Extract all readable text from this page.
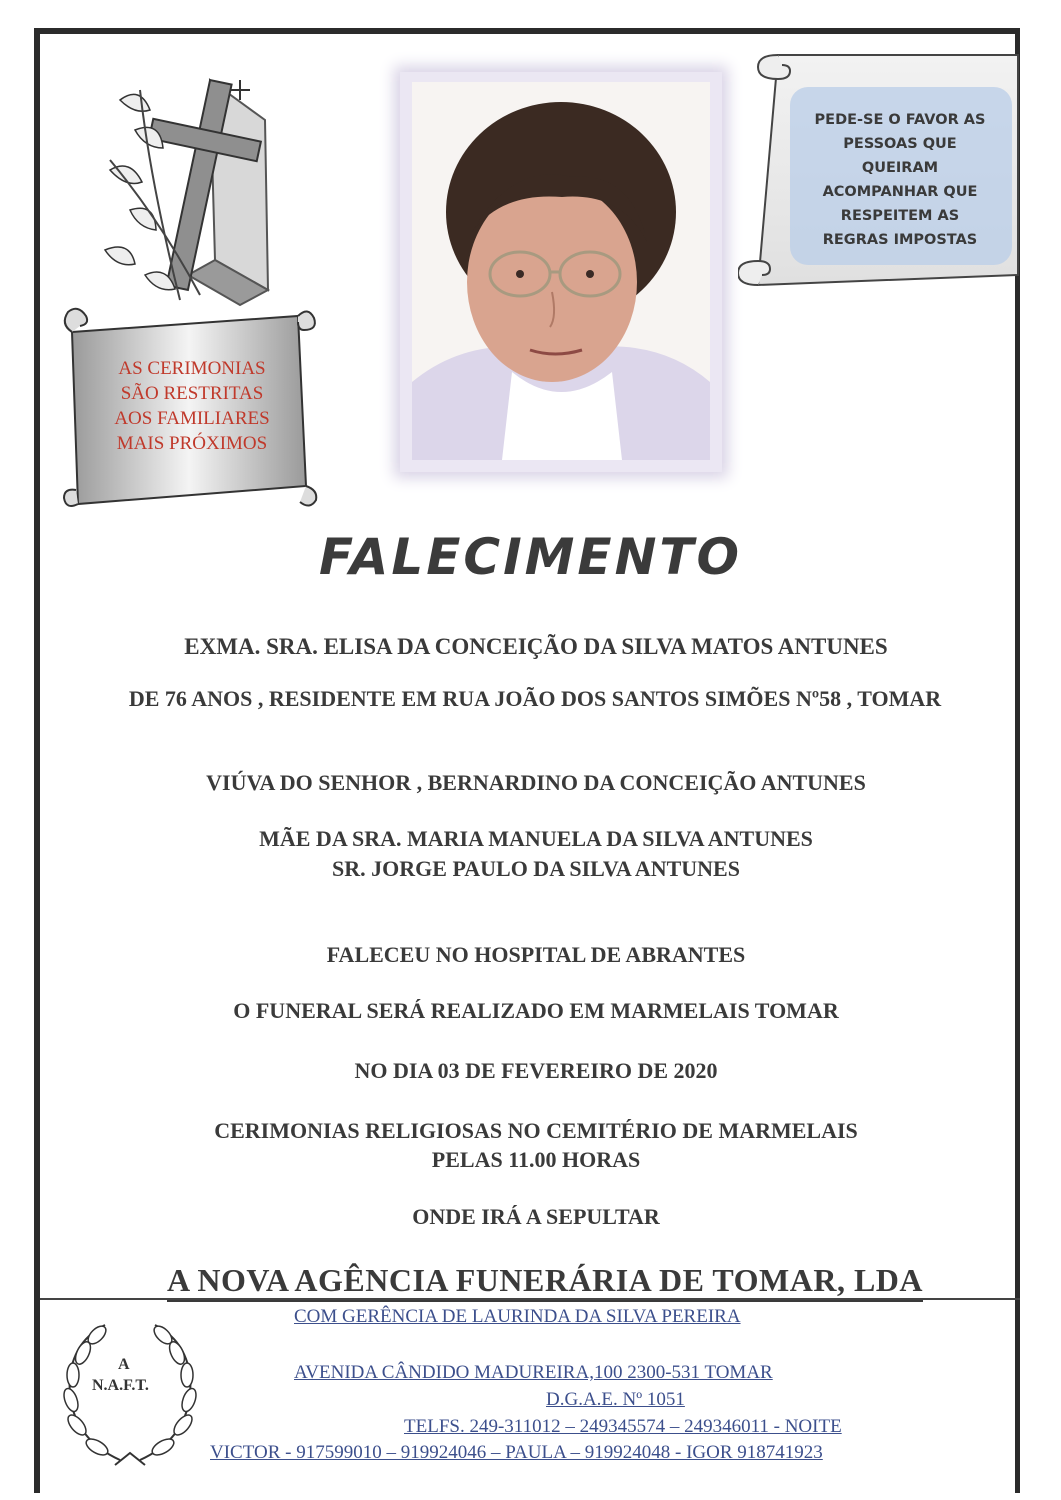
PEDE-SE O FAVOR AS
PESSOAS QUE
QUEIRAM
ACOMPANHAR QUE
RESPEITEM AS
REGRAS IMPOSTAS
AS CERIMONIAS
SÃO RESTRITAS
AOS FAMILIARES
MAIS PRÓXIMOS
FALECIMENTO
EXMA. SRA. ELISA DA CONCEIÇÃO DA SILVA MATOS ANTUNES
DE 76 ANOS , RESIDENTE EM RUA JOÃO DOS SANTOS SIMÕES Nº58 , TOMAR
VIÚVA DO SENHOR , BERNARDINO DA CONCEIÇÃO ANTUNES
MÃE DA SRA. MARIA MANUELA DA SILVA ANTUNES
SR. JORGE PAULO DA SILVA ANTUNES
FALECEU NO HOSPITAL DE ABRANTES
O FUNERAL SERÁ REALIZADO EM MARMELAIS TOMAR
NO DIA 03 DE FEVEREIRO DE 2020
CERIMONIAS RELIGIOSAS NO CEMITÉRIO DE MARMELAIS
PELAS 11.00 HORAS
ONDE IRÁ A SEPULTAR
A NOVA AGÊNCIA FUNERÁRIA DE TOMAR, LDA
A
N.A.F.T.
COM GERÊNCIA DE LAURINDA DA SILVA PEREIRA
AVENIDA CÂNDIDO MADUREIRA,100 2300-531 TOMAR
D.G.A.E. Nº 1051
TELFS. 249-311012 – 249345574 – 249346011 - NOITE
VICTOR - 917599010 – 919924046 – PAULA – 919924048 - IGOR 918741923
